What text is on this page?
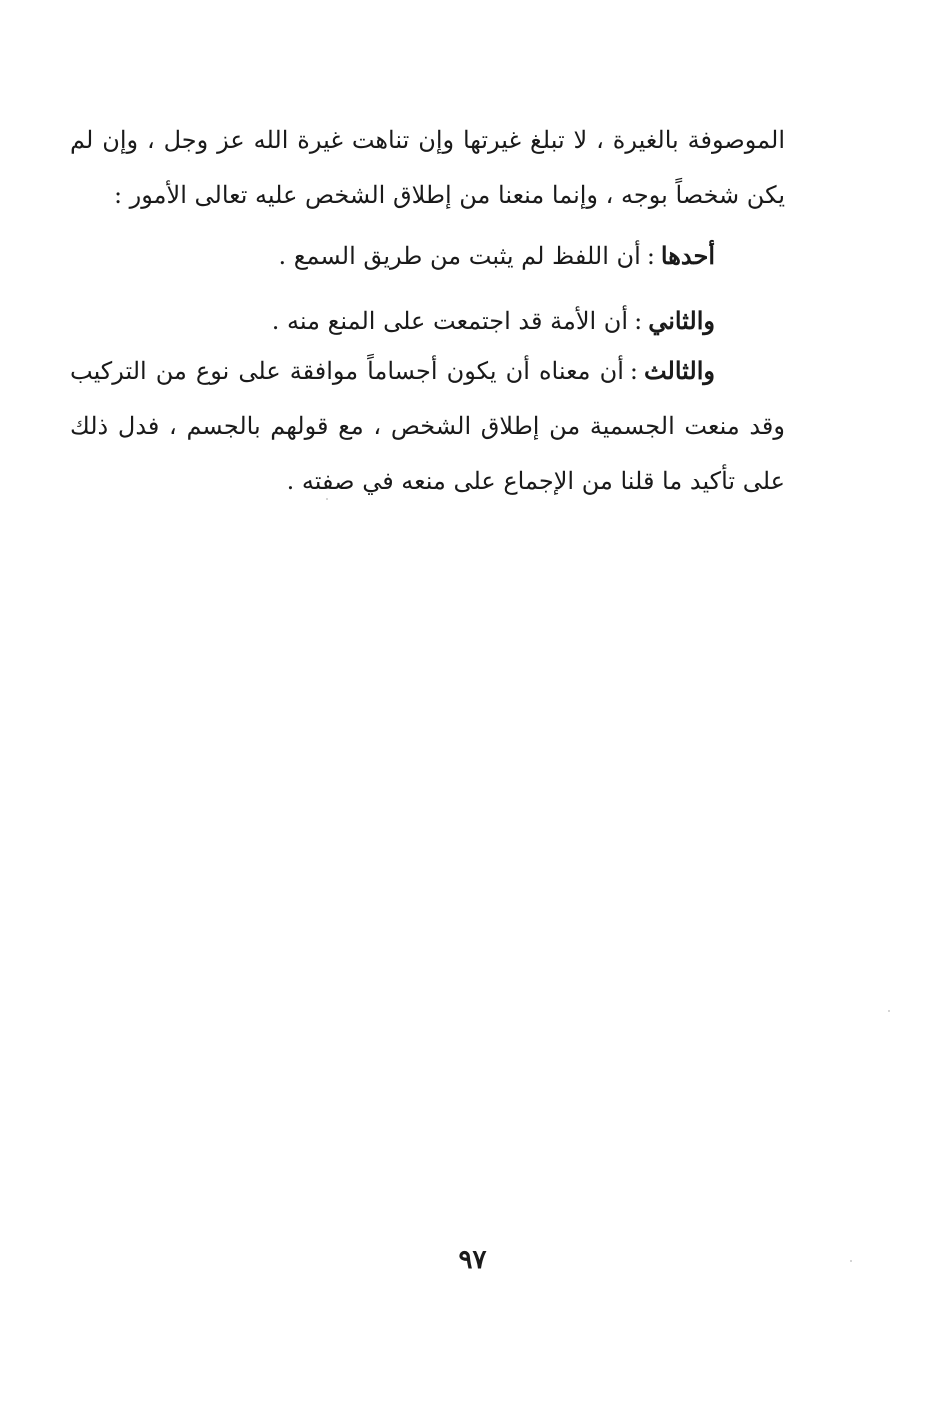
الموصوفة بالغيرة ، لا تبلغ غيرتها وإن تناهت غيرة الله عز وجل ، وإن لم يكن شخصاً بوجه ، وإنما منعنا من إطلاق الشخص عليه تعالى الأمور :

أحدها:أن اللفظ لم يثبت من طريق السمع .

والثاني:أن الأمة قد اجتمعت على المنع منه .

والثالث:أن معناه أن يكون أجساماً موافقة على نوع من التركيب وقد منعت الجسمية من إطلاق الشخص ، مع قولهم بالجسم ، فدل ذلك على تأكيد ما قلنا من الإجماع على منعه في صفته .

٩٧
